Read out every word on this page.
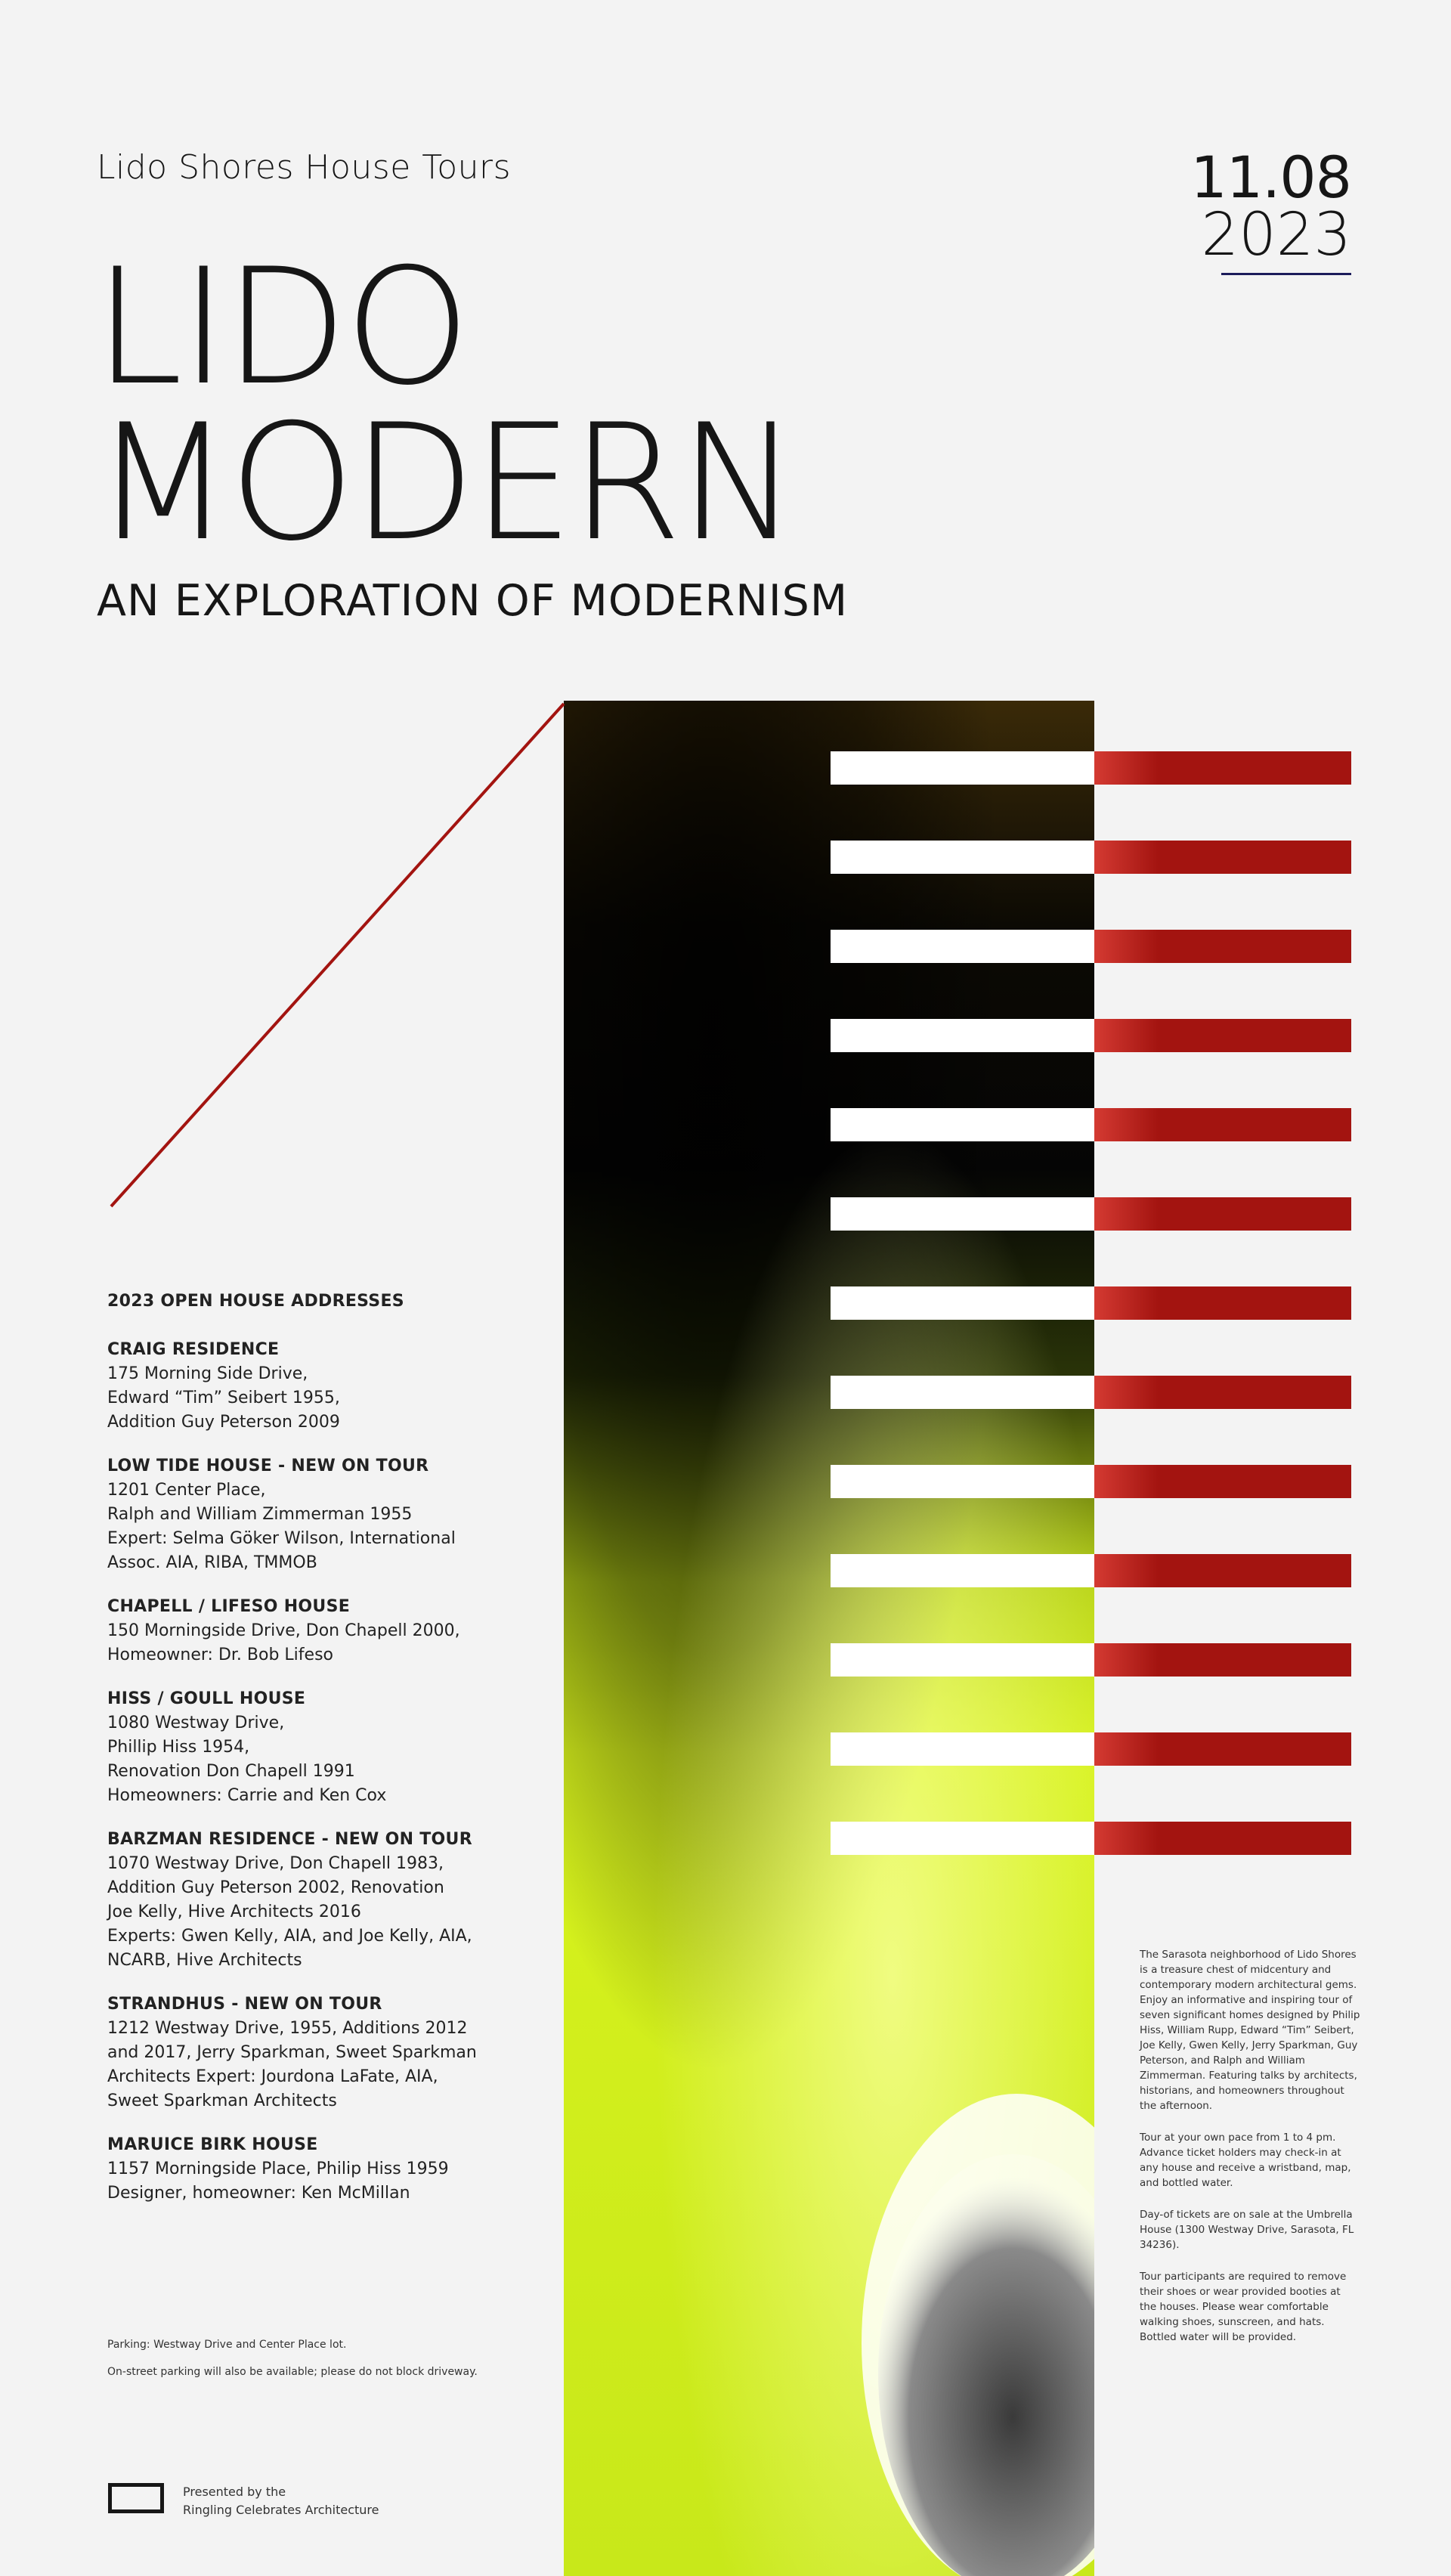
Lido Shores House Tours	11.08
2023
LIDO
MODERN
AN EXPLORATION OF MODERNISM
2023 OPEN HOUSE ADDRESSES
CRAIG RESIDENCE
175 Morning Side Drive,
Edward “Tim” Seibert 1955,
Addition Guy Peterson 2009
LOW TIDE HOUSE - NEW ON TOUR
1201 Center Place,
Ralph and William Zimmerman 1955
Expert: Selma Göker Wilson, International
Assoc. AIA, RIBA, TMMOB
CHAPELL / LIFESO HOUSE
150 Morningside Drive, Don Chapell 2000,
Homeowner: Dr. Bob Lifeso
HISS / GOULL HOUSE
1080 Westway Drive,
Phillip Hiss 1954,
Renovation Don Chapell 1991
Homeowners: Carrie and Ken Cox
BARZMAN RESIDENCE - NEW ON TOUR
1070 Westway Drive, Don Chapell 1983,
Addition Guy Peterson 2002, Renovation
Joe Kelly, Hive Architects 2016
Experts: Gwen Kelly, AIA, and Joe Kelly, AIA,
NCARB, Hive Architects
STRANDHUS - NEW ON TOUR
1212 Westway Drive, 1955, Additions 2012
and 2017, Jerry Sparkman, Sweet Sparkman
Architects Expert: Jourdona LaFate, AIA,
Sweet Sparkman Architects
MARUICE BIRK HOUSE
1157 Morningside Place, Philip Hiss 1959
Designer, homeowner: Ken McMillan

Parking: Westway Drive and Center Place lot.

On-street parking will also be available; please do not block driveway.

Presented by the
Ringling Celebrates Architecture

The Sarasota neighborhood of Lido Shores is a treasure chest of midcentury and contemporary modern architectural gems. Enjoy an informative and inspiring tour of seven significant homes designed by Philip Hiss, William Rupp, Edward “Tim” Seibert, Joe Kelly, Gwen Kelly, Jerry Sparkman, Guy Peterson, and Ralph and William Zimmerman. Featuring talks by architects, historians, and homeowners throughout the afternoon.

Tour at your own pace from 1 to 4 pm. Advance ticket holders may check-in at any house and receive a wristband, map, and bottled water.

Day-of tickets are on sale at the Umbrella House (1300 Westway Drive, Sarasota, FL 34236).

Tour participants are required to remove their shoes or wear provided booties at the houses. Please wear comfortable walking shoes, sunscreen, and hats. Bottled water will be provided.
